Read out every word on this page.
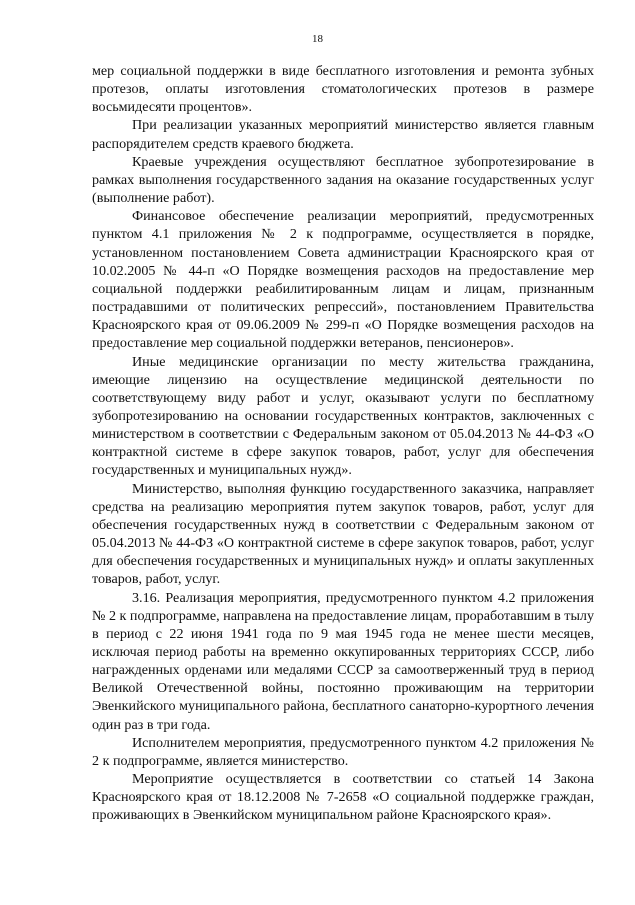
18

мер социальной поддержки в виде бесплатного изготовления и ремонта зубных протезов, оплаты изготовления стоматологических протезов в размере восьмидесяти процентов».

При реализации указанных мероприятий министерство является главным распорядителем средств краевого бюджета.

Краевые учреждения осуществляют бесплатное зубопротезирование в рамках выполнения государственного задания на оказание государственных услуг (выполнение работ).

Финансовое обеспечение реализации мероприятий, предусмотренных пунктом 4.1 приложения № 2 к подпрограмме, осуществляется в порядке, установленном постановлением Совета администрации Красноярского края от 10.02.2005 № 44-п «О Порядке возмещения расходов на предоставление мер социальной поддержки реабилитированным лицам и лицам, признанным пострадавшими от политических репрессий», постановлением Правительства Красноярского края от 09.06.2009 № 299-п «О Порядке возмещения расходов на предоставление мер социальной поддержки ветеранов, пенсионеров».

Иные медицинские организации по месту жительства гражданина, имеющие лицензию на осуществление медицинской деятельности по соответствующему виду работ и услуг, оказывают услуги по бесплатному зубопротезированию на основании государственных контрактов, заключенных с министерством в соответствии с Федеральным законом от 05.04.2013 № 44-ФЗ «О контрактной системе в сфере закупок товаров, работ, услуг для обеспечения государственных и муниципальных нужд».

Министерство, выполняя функцию государственного заказчика, направляет средства на реализацию мероприятия путем закупок товаров, работ, услуг для обеспечения государственных нужд в соответствии с Федеральным законом от 05.04.2013 № 44-ФЗ «О контрактной системе в сфере закупок товаров, работ, услуг для обеспечения государственных и муниципальных нужд» и оплаты закупленных товаров, работ, услуг.

3.16. Реализация мероприятия, предусмотренного пунктом 4.2 приложения № 2 к подпрограмме, направлена на предоставление лицам, проработавшим в тылу в период с 22 июня 1941 года по 9 мая 1945 года не менее шести месяцев, исключая период работы на временно оккупированных территориях СССР, либо награжденных орденами или медалями СССР за самоотверженный труд в период Великой Отечественной войны, постоянно проживающим на территории Эвенкийского муниципального района, бесплатного санаторно-курортного лечения один раз в три года.

Исполнителем мероприятия, предусмотренного пунктом 4.2 приложения № 2 к подпрограмме, является министерство.

Мероприятие осуществляется в соответствии со статьей 14 Закона Красноярского края от 18.12.2008 № 7-2658 «О социальной поддержке граждан, проживающих в Эвенкийском муниципальном районе Красноярского края».
